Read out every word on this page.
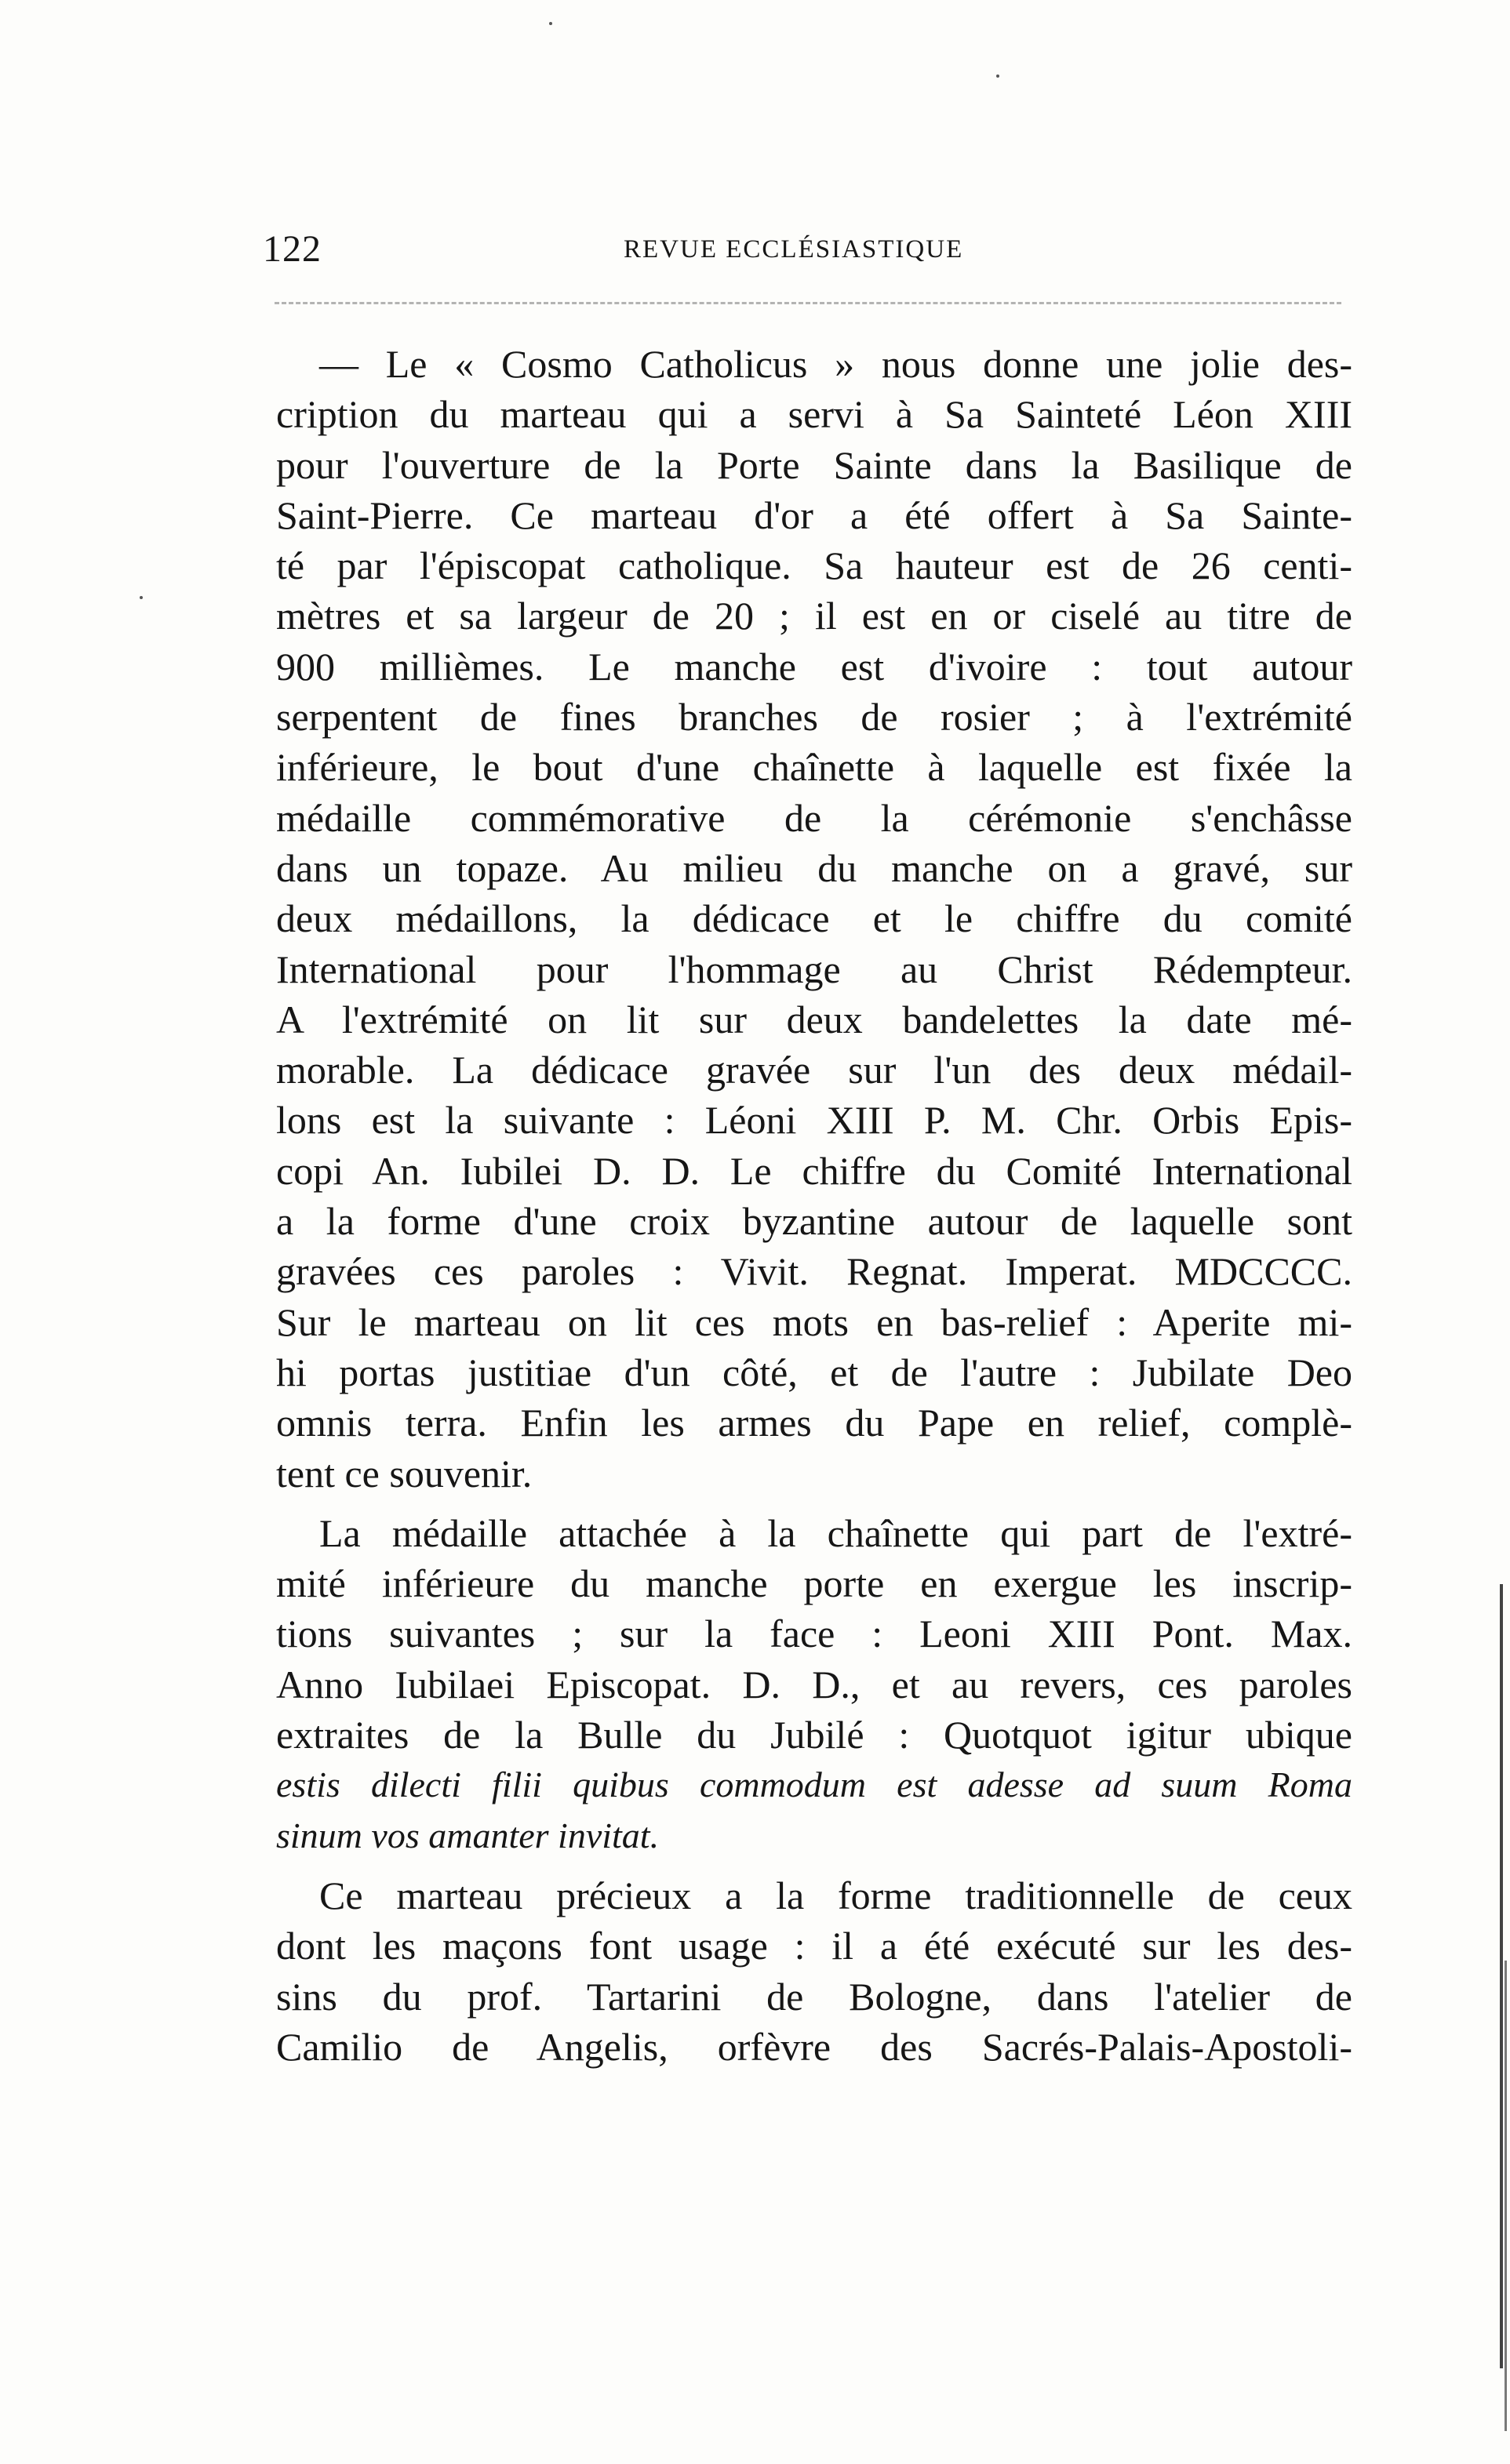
122	REVUE ECCLÉSIASTIQUE

— Le « Cosmo Catholicus » nous donne une jolie des-
cription du marteau qui a servi à Sa Sainteté Léon XIII
pour l'ouverture de la Porte Sainte dans la Basilique de
Saint-Pierre. Ce marteau d'or a été offert à Sa Sainte-
té par l'épiscopat catholique. Sa hauteur est de 26 centi-
mètres et sa largeur de 20 ; il est en or ciselé au titre de
900 millièmes. Le manche est d'ivoire : tout autour
serpentent de fines branches de rosier ; à l'extrémité
inférieure, le bout d'une chaînette à laquelle est fixée la
médaille commémorative de la cérémonie s'enchâsse
dans un topaze. Au milieu du manche on a gravé, sur
deux médaillons, la dédicace et le chiffre du comité
International pour l'hommage au Christ Rédempteur.
A l'extrémité on lit sur deux bandelettes la date mé-
morable. La dédicace gravée sur l'un des deux médail-
lons est la suivante : Léoni XIII P. M. Chr. Orbis Epis-
copi An. Iubilei D. D. Le chiffre du Comité International
a la forme d'une croix byzantine autour de laquelle sont
gravées ces paroles : Vivit. Regnat. Imperat. MDCCCC.
Sur le marteau on lit ces mots en bas-relief : Aperite mi-
hi portas justitiae d'un côté, et de l'autre : Jubilate Deo
omnis terra. Enfin les armes du Pape en relief, complè-
tent ce souvenir.

La médaille attachée à la chaînette qui part de l'extré-
mité inférieure du manche porte en exergue les inscrip-
tions suivantes ; sur la face : Leoni XIII Pont. Max.
Anno Iubilaei Episcopat. D. D., et au revers, ces paroles
extraites de la Bulle du Jubilé : Quotquot igitur ubique
estis dilecti filii quibus commodum est adesse ad suum Roma
sinum vos amanter invitat.

Ce marteau précieux a la forme traditionnelle de ceux
dont les maçons font usage : il a été exécuté sur les des-
sins du prof. Tartarini de Bologne, dans l'atelier de
Camilio de Angelis, orfèvre des Sacrés-Palais-Apostoli-
